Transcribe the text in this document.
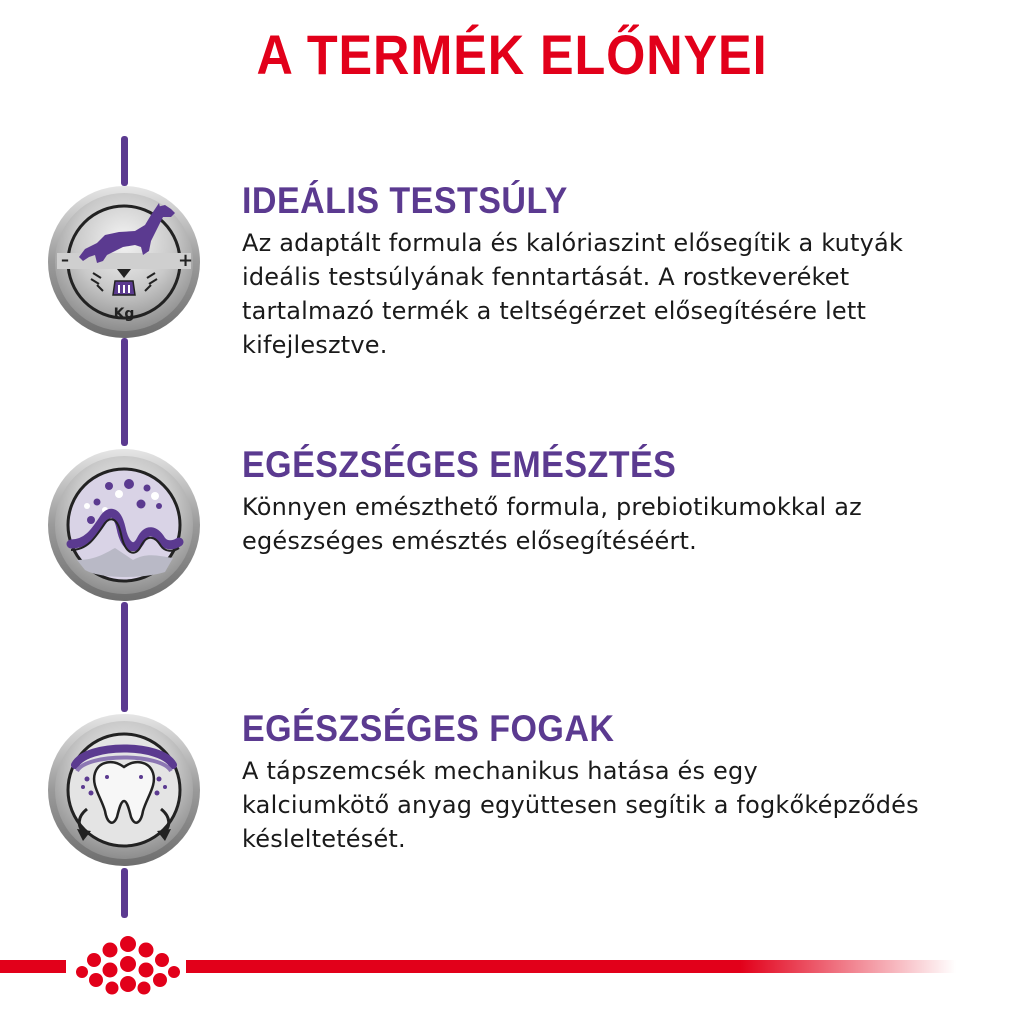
A TERMÉK ELŐNYEI
–	+
Kg
IDEÁLIS TESTSÚLY

Az adaptált formula és kalóriaszint elősegítik a kutyák
ideális testsúlyának fenntartását. A rostkeveréket
tartalmazó termék a teltségérzet elősegítésére lett
kifejlesztve.

EGÉSZSÉGES EMÉSZTÉS

Könnyen emészthető formula, prebiotikumokkal az
egészséges emésztés elősegítéséért.

EGÉSZSÉGES FOGAK

A tápszemcsék mechanikus hatása és egy
kalciumkötő anyag együttesen segítik a fogkőképződés
késleltetését.
